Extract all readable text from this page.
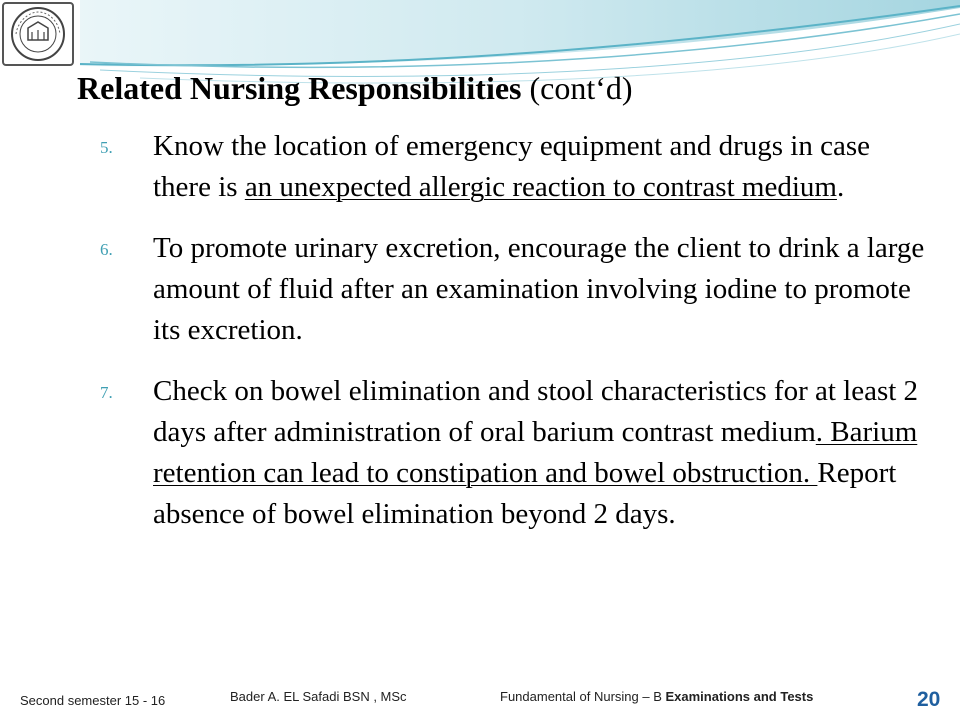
Related Nursing Responsibilities (cont‘d)
5. Know the location of emergency equipment and drugs in case there is an unexpected allergic reaction to contrast medium.
6. To promote urinary excretion, encourage the client to drink a large amount of fluid after an examination involving iodine to promote its excretion.
7. Check on bowel elimination and stool characteristics for at least 2 days after administration of oral barium contrast medium. Barium retention can lead to constipation and bowel obstruction. Report absence of bowel elimination beyond 2 days.
Second semester 15 - 16	Bader A. EL Safadi BSN , MSc	Fundamental of Nursing – B Examinations and Tests	20
